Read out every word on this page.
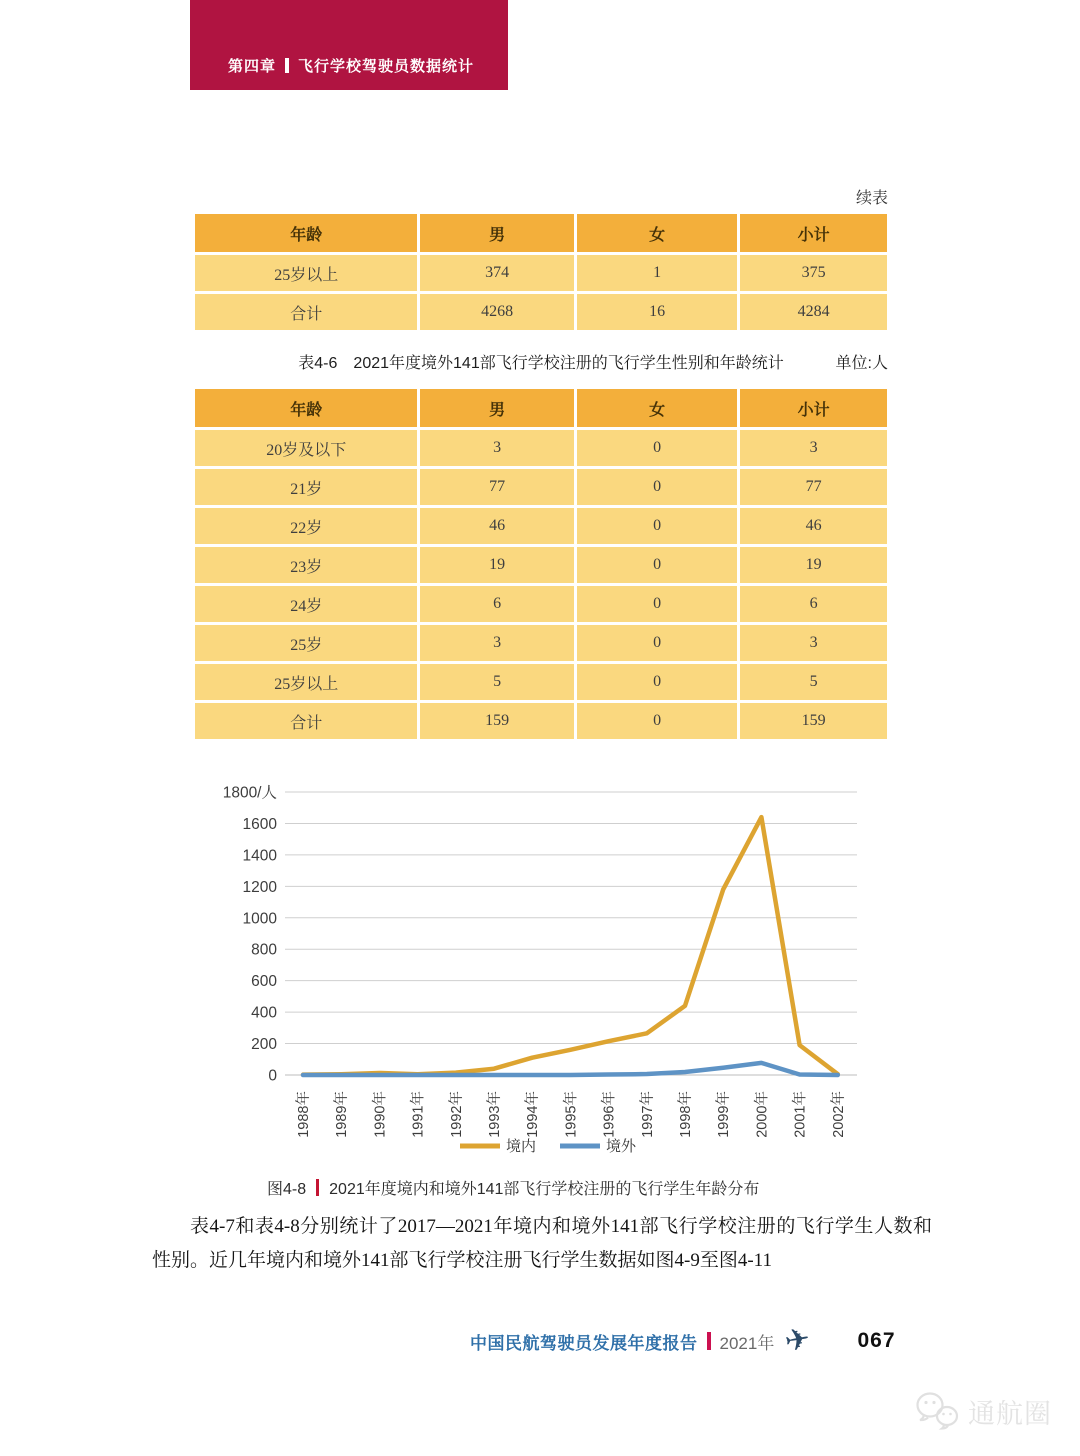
第四章 飞行学校驾驶员数据统计
续表
年龄	男	女	小计
25岁以上	374	1	375
合计	4268	16	4284
表4-6 2021年度境外141部飞行学校注册的飞行学生性别和年龄统计	单位:人
年龄	男	女	小计
20岁及以下	3	0	3
21岁	77	0	77
22岁	46	0	46
23岁	19	0	19
24岁	6	0	6
25岁	3	0	3
25岁以上	5	0	5
合计	159	0	159
0
200
400
600
800
1000
1200
1400
1600
1800/人
1988年 1989年 1990年 1991年 1992年 1993年 1994年 1995年 1996年 1997年 1998年 1999年 2000年 2001年 2002年
境内	境外
图4-8 2021年度境内和境外141部飞行学校注册的飞行学生年龄分布
表4-7和表4-8分别统计了2017—2021年境内和境外141部飞行学校注册的飞行学生人数和性别。近几年境内和境外141部飞行学校注册飞行学生数据如图4-9至图4-11
中国民航驾驶员发展年度报告 2021年 ✈ 067
通航圈
